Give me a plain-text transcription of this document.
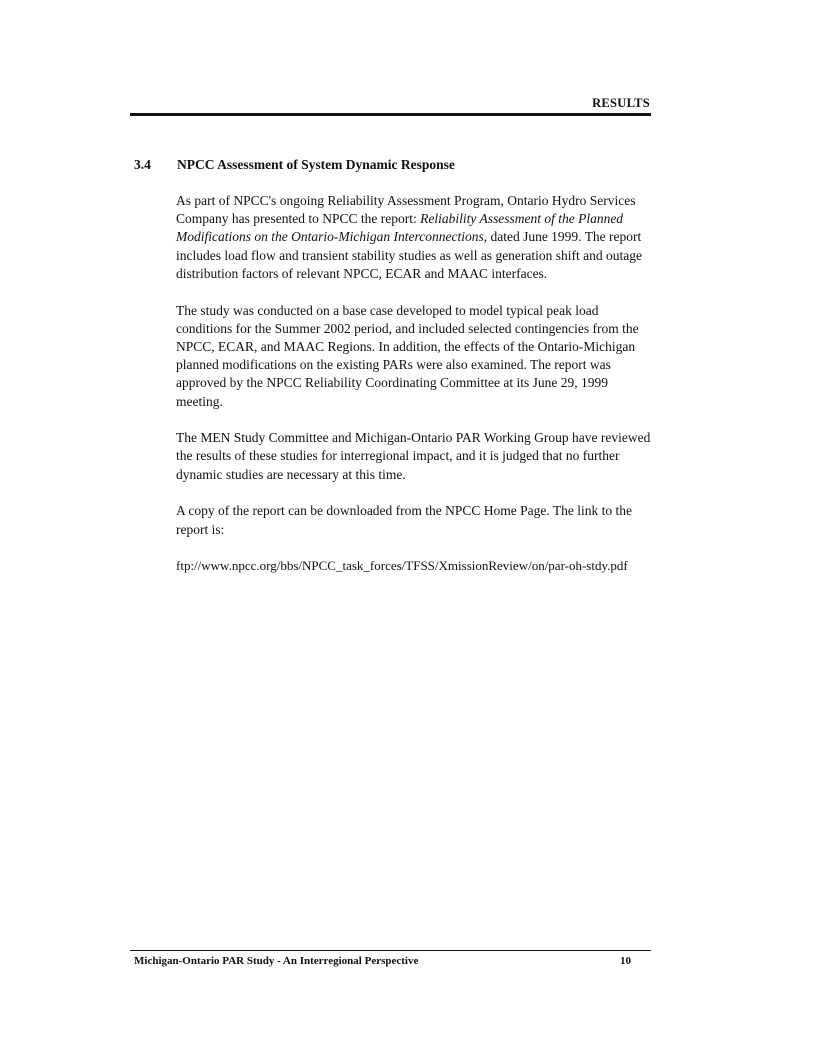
RESULTS
3.4 NPCC Assessment of System Dynamic Response

As part of NPCC's ongoing Reliability Assessment Program, Ontario Hydro Services Company has presented to NPCC the report: Reliability Assessment of the Planned Modifications on the Ontario-Michigan Interconnections, dated June 1999. The report includes load flow and transient stability studies as well as generation shift and outage distribution factors of relevant NPCC, ECAR and MAAC interfaces.

The study was conducted on a base case developed to model typical peak load conditions for the Summer 2002 period, and included selected contingencies from the NPCC, ECAR, and MAAC Regions. In addition, the effects of the Ontario-Michigan planned modifications on the existing PARs were also examined. The report was approved by the NPCC Reliability Coordinating Committee at its June 29, 1999 meeting.

The MEN Study Committee and Michigan-Ontario PAR Working Group have reviewed the results of these studies for interregional impact, and it is judged that no further dynamic studies are necessary at this time.

A copy of the report can be downloaded from the NPCC Home Page. The link to the report is:

ftp://www.npcc.org/bbs/NPCC_task_forces/TFSS/XmissionReview/on/par-oh-stdy.pdf

Michigan-Ontario PAR Study - An Interregional Perspective	10
